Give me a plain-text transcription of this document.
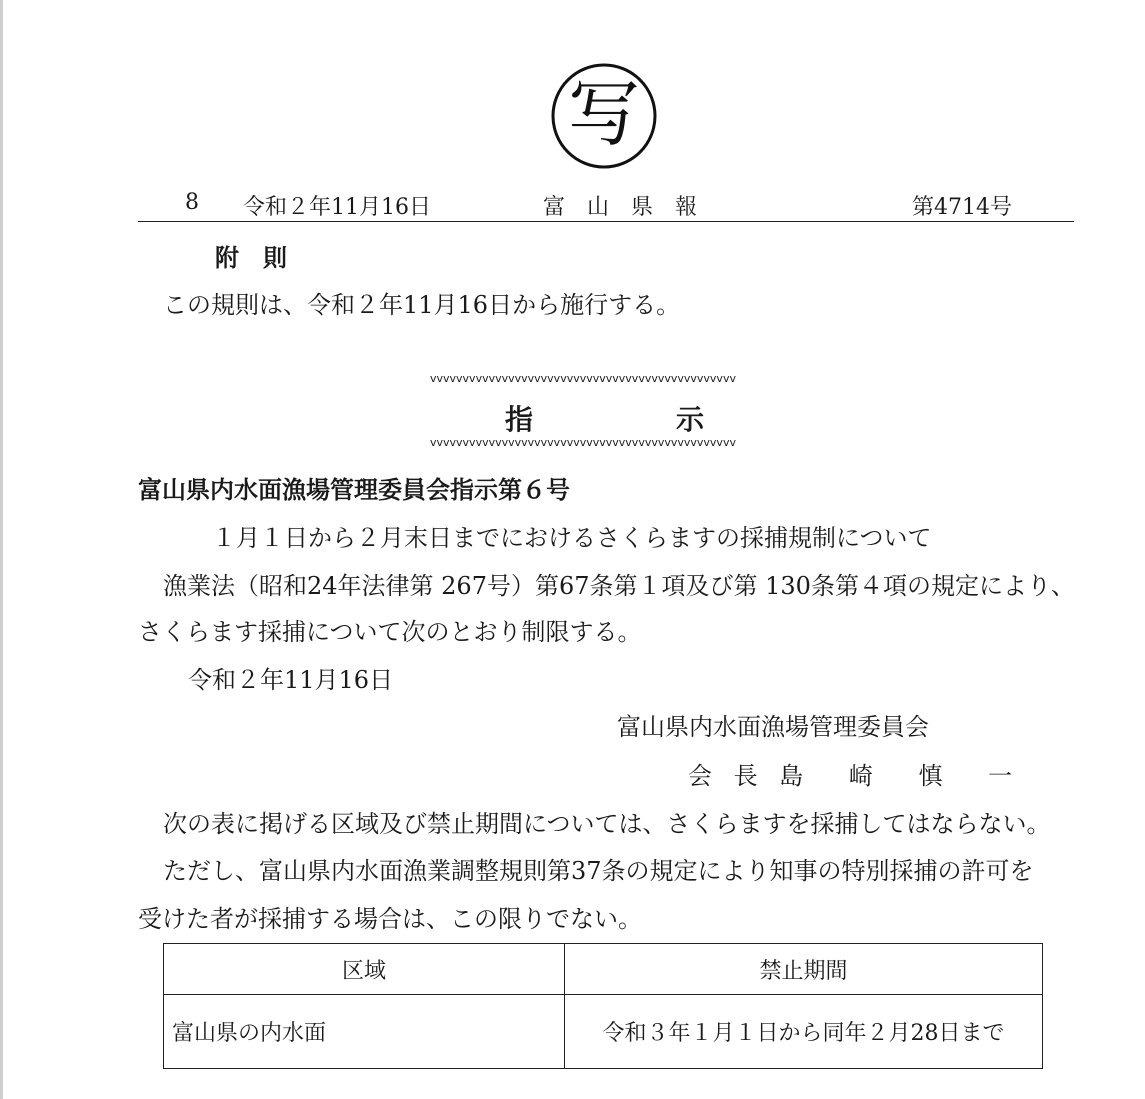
写
8 令和２年11月16日	富　山　県　報	第4714号
附　則
この規則は、令和２年11月16日から施行する。
vvvvvvvvvvvvvvvvvvvvvvvvvvvvvvvvvvvvvvvvvvvvvvv
指	示
vvvvvvvvvvvvvvvvvvvvvvvvvvvvvvvvvvvvvvvvvvvvvvv
富山県内水面漁場管理委員会指示第６号
１月１日から２月末日までにおけるさくらますの採捕規制について
漁業法（昭和24年法律第 267号）第67条第１項及び第 130条第４項の規定により、
さくらます採捕について次のとおり制限する。
令和２年11月16日
富山県内水面漁場管理委員会
会 長 島　 崎　 慎　 一
次の表に掲げる区域及び禁止期間については、さくらますを採捕してはならない。
ただし、富山県内水面漁業調整規則第37条の規定により知事の特別採捕の許可を
受けた者が採捕する場合は、この限りでない。
区域	禁止期間
富山県の内水面	令和３年１月１日から同年２月28日まで
